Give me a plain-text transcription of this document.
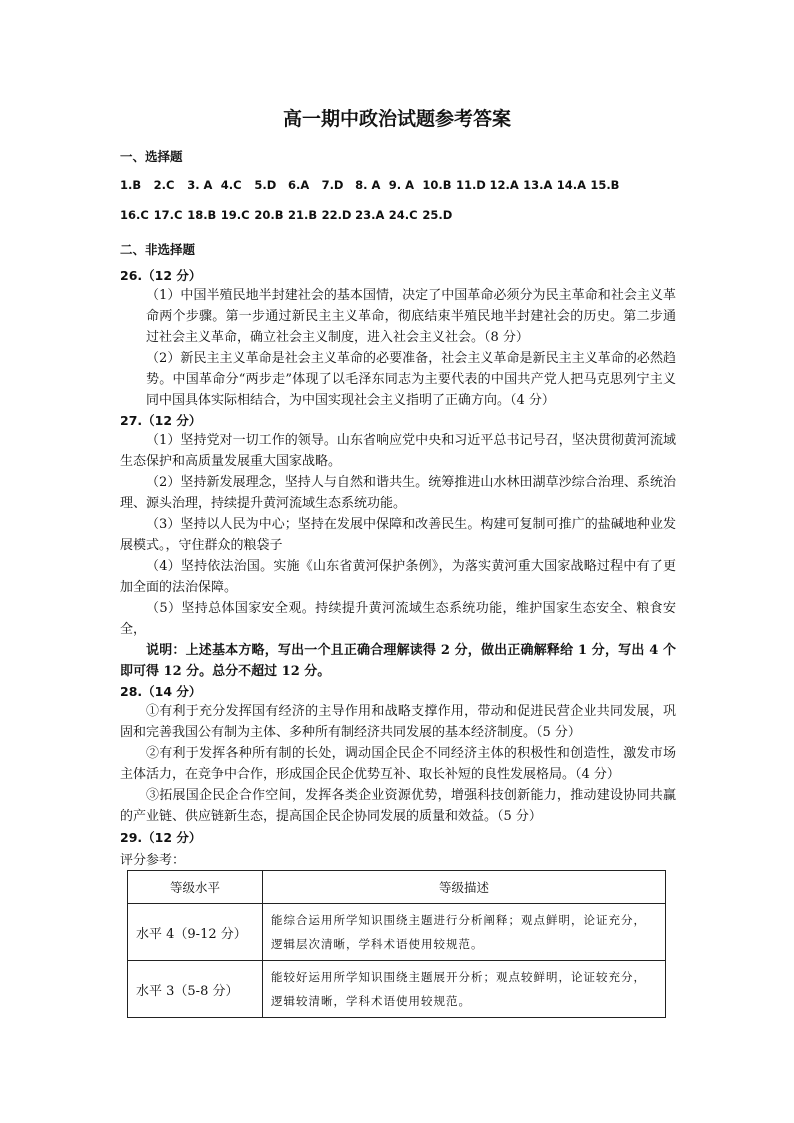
高一期中政治试题参考答案
一、选择题
1.B 2.C 3. A 4.C 5.D 6.A 7.D 8. A 9. A 10.B 11.D 12.A 13.A 14.A 15.B
16.C 17.C 18.B 19.C 20.B 21.B 22.D 23.A 24.C 25.D
二、非选择题
26.（12 分）
（1）中国半殖民地半封建社会的基本国情，决定了中国革命必须分为民主革命和社会主义革命两个步骤。第一步通过新民主主义革命，彻底结束半殖民地半封建社会的历史。第二步通过社会主义革命，确立社会主义制度，进入社会主义社会。（8 分）
（2）新民主主义革命是社会主义革命的必要准备，社会主义革命是新民主主义革命的必然趋势。中国革命分“两步走”体现了以毛泽东同志为主要代表的中国共产党人把马克思列宁主义同中国具体实际相结合，为中国实现社会主义指明了正确方向。（4 分）
27.（12 分）
（1）坚持党对一切工作的领导。山东省响应党中央和习近平总书记号召，坚决贯彻黄河流域生态保护和高质量发展重大国家战略。
（2）坚持新发展理念，坚持人与自然和谐共生。统筹推进山水林田湖草沙综合治理、系统治理、源头治理，持续提升黄河流域生态系统功能。
（3）坚持以人民为中心；坚持在发展中保障和改善民生。构建可复制可推广的盐碱地种业发展模式。，守住群众的粮袋子
（4）坚持依法治国。实施《山东省黄河保护条例》，为落实黄河重大国家战略过程中有了更加全面的法治保障。
（5）坚持总体国家安全观。持续提升黄河流域生态系统功能，维护国家生态安全、粮食安全，
说明：上述基本方略，写出一个且正确合理解读得 2 分，做出正确解释给 1 分，写出 4 个即可得 12 分。总分不超过 12 分。
28.（14 分）
①有利于充分发挥国有经济的主导作用和战略支撑作用，带动和促进民营企业共同发展，巩固和完善我国公有制为主体、多种所有制经济共同发展的基本经济制度。（5 分）
②有利于发挥各种所有制的长处，调动国企民企不同经济主体的积极性和创造性，激发市场主体活力，在竞争中合作，形成国企民企优势互补、取长补短的良性发展格局。（4 分）
③拓展国企民企合作空间，发挥各类企业资源优势，增强科技创新能力，推动建设协同共赢的产业链、供应链新生态，提高国企民企协同发展的质量和效益。（5 分）
29.（12 分）
评分参考：
等级水平	等级描述
水平 4（9-12 分）	能综合运用所学知识围绕主题进行分析阐释；观点鲜明，论证充分，逻辑层次清晰，学科术语使用较规范。
水平 3（5-8 分）	能较好运用所学知识围绕主题展开分析；观点较鲜明，论证较充分，逻辑较清晰，学科术语使用较规范。
